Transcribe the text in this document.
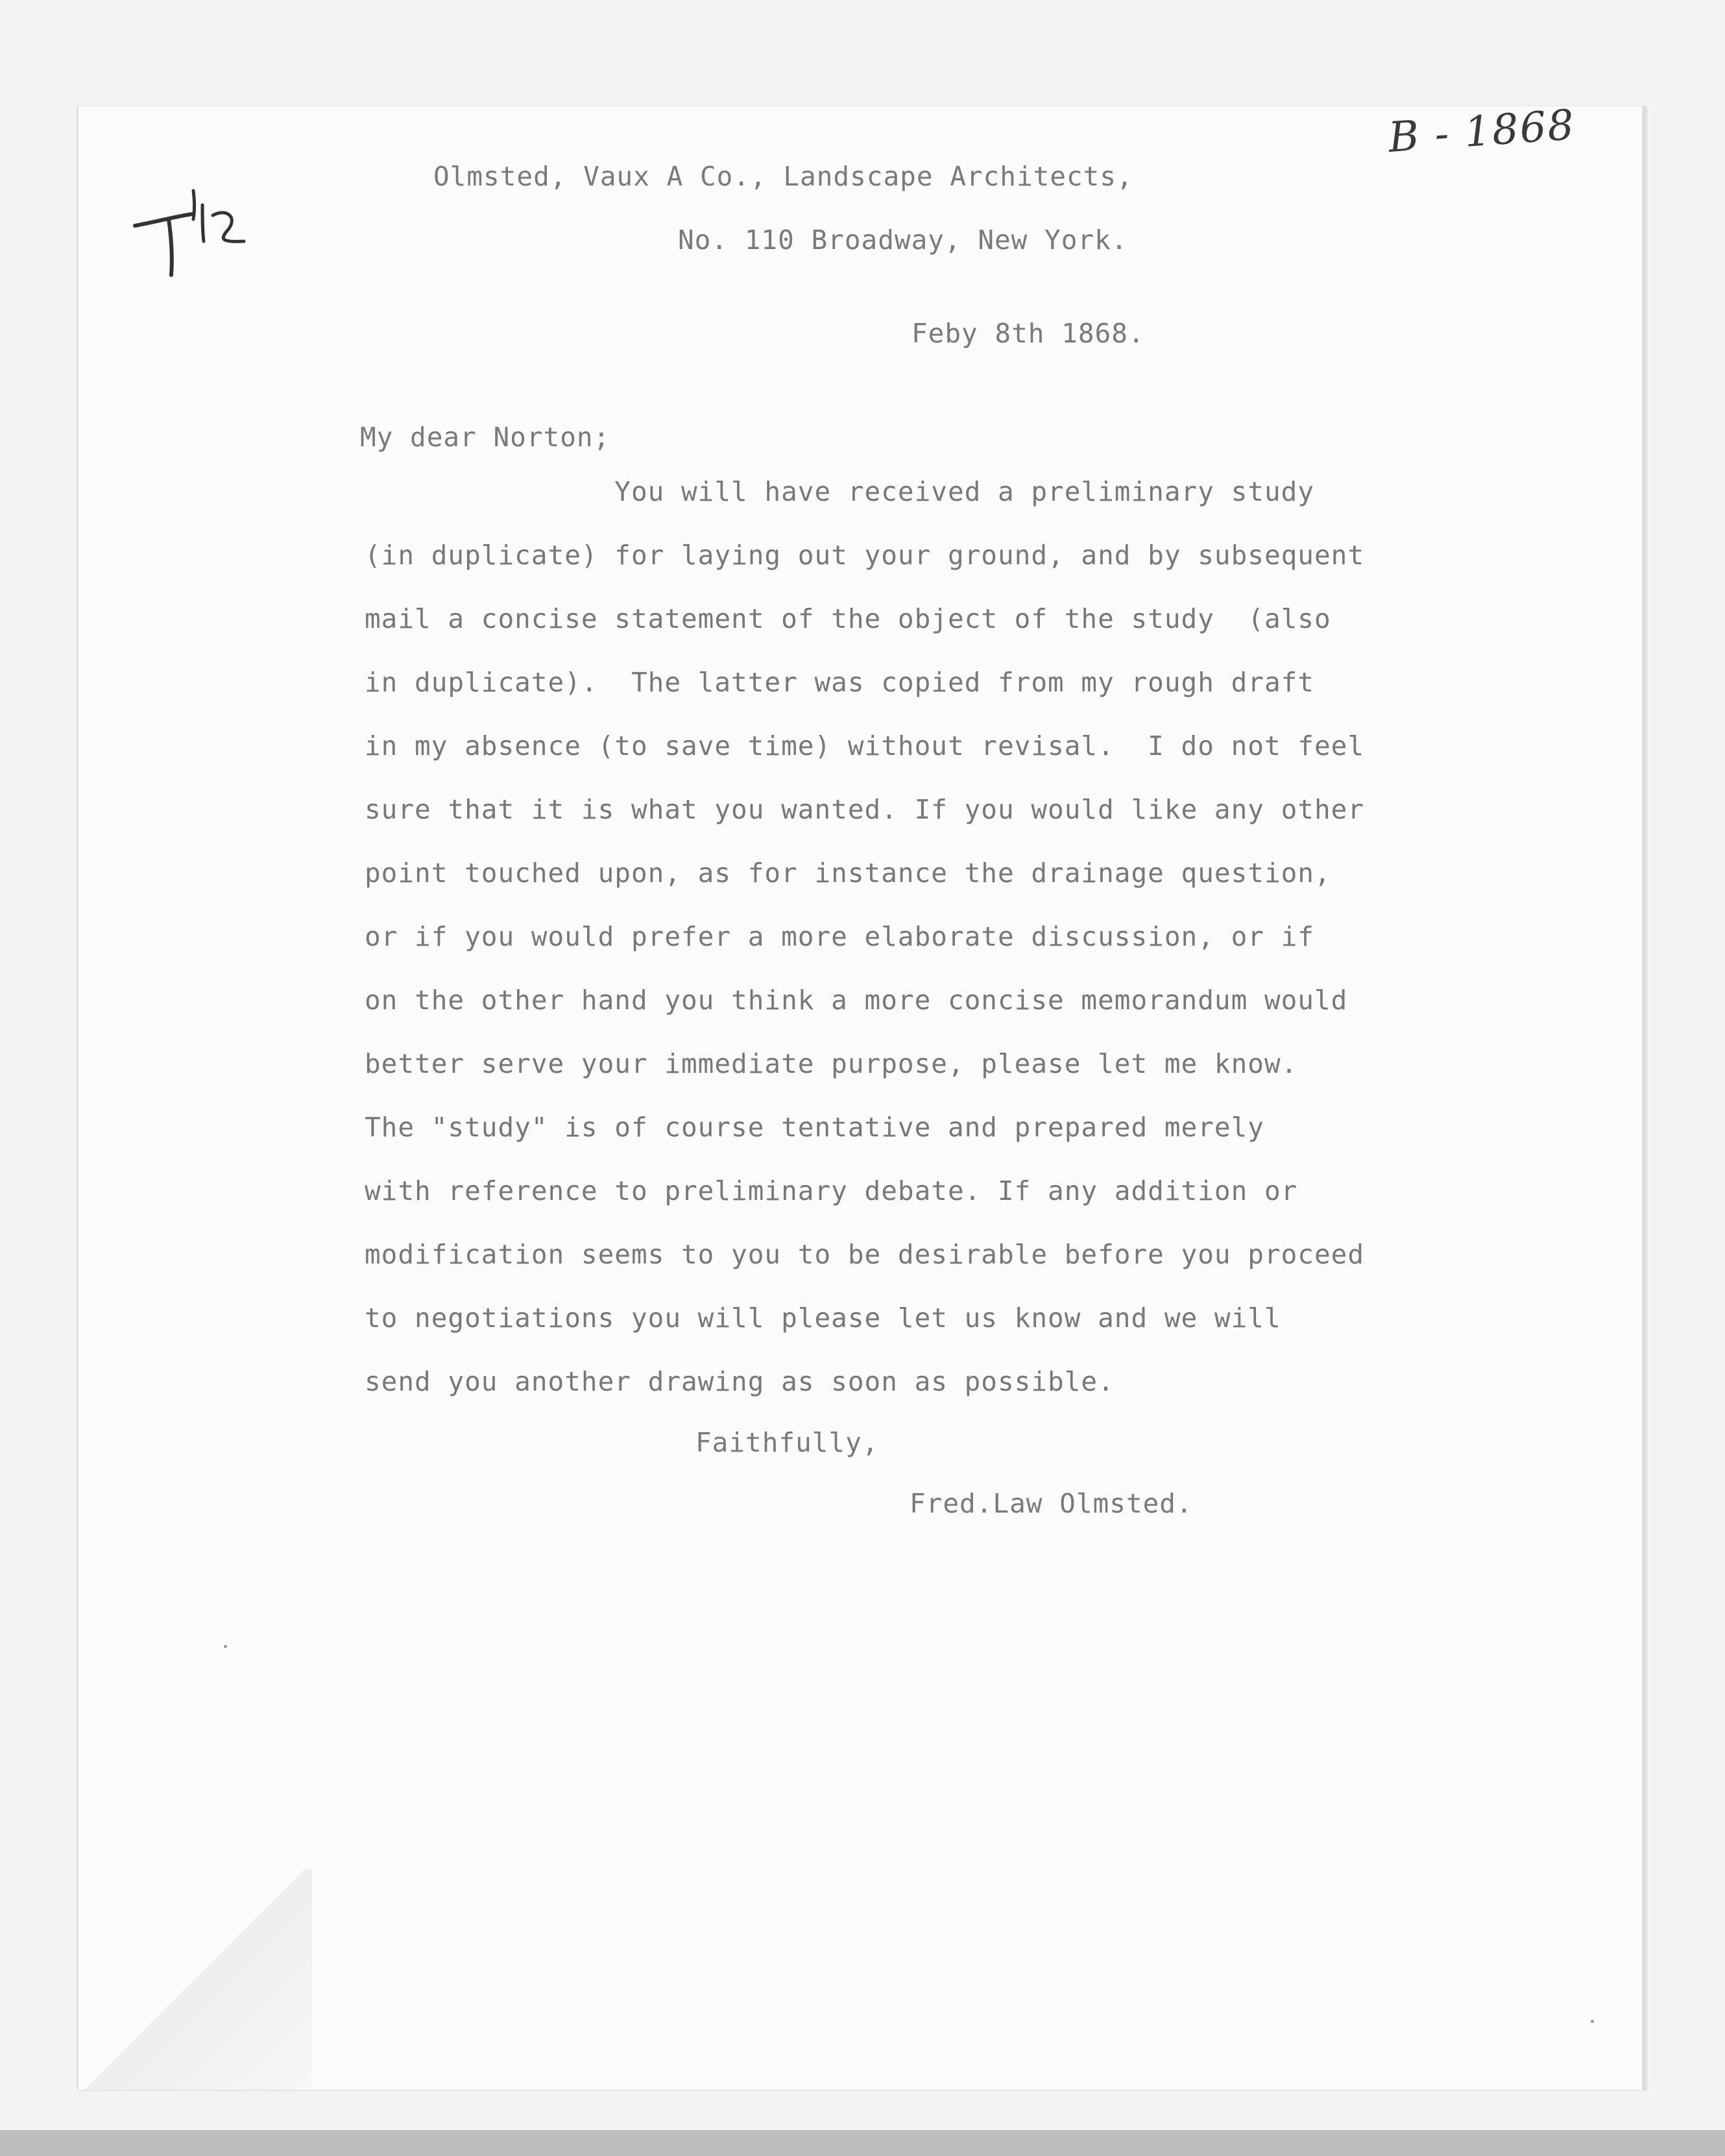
B - 1868

Olmsted, Vaux A Co., Landscape Architects,

No. 110 Broadway, New York.

Feby 8th 1868.

My dear Norton;

You will have received a preliminary study
(in duplicate) for laying out your ground, and by subsequent
mail a concise statement of the object of the study  (also
in duplicate).  The latter was copied from my rough draft
in my absence (to save time) without revisal.  I do not feel
sure that it is what you wanted. If you would like any other
point touched upon, as for instance the drainage question,
or if you would prefer a more elaborate discussion, or if
on the other hand you think a more concise memorandum would
better serve your immediate purpose, please let me know.
The "study" is of course tentative and prepared merely
with reference to preliminary debate. If any addition or
modification seems to you to be desirable before you proceed
to negotiations you will please let us know and we will
send you another drawing as soon as possible.

Faithfully,

Fred.Law Olmsted.
